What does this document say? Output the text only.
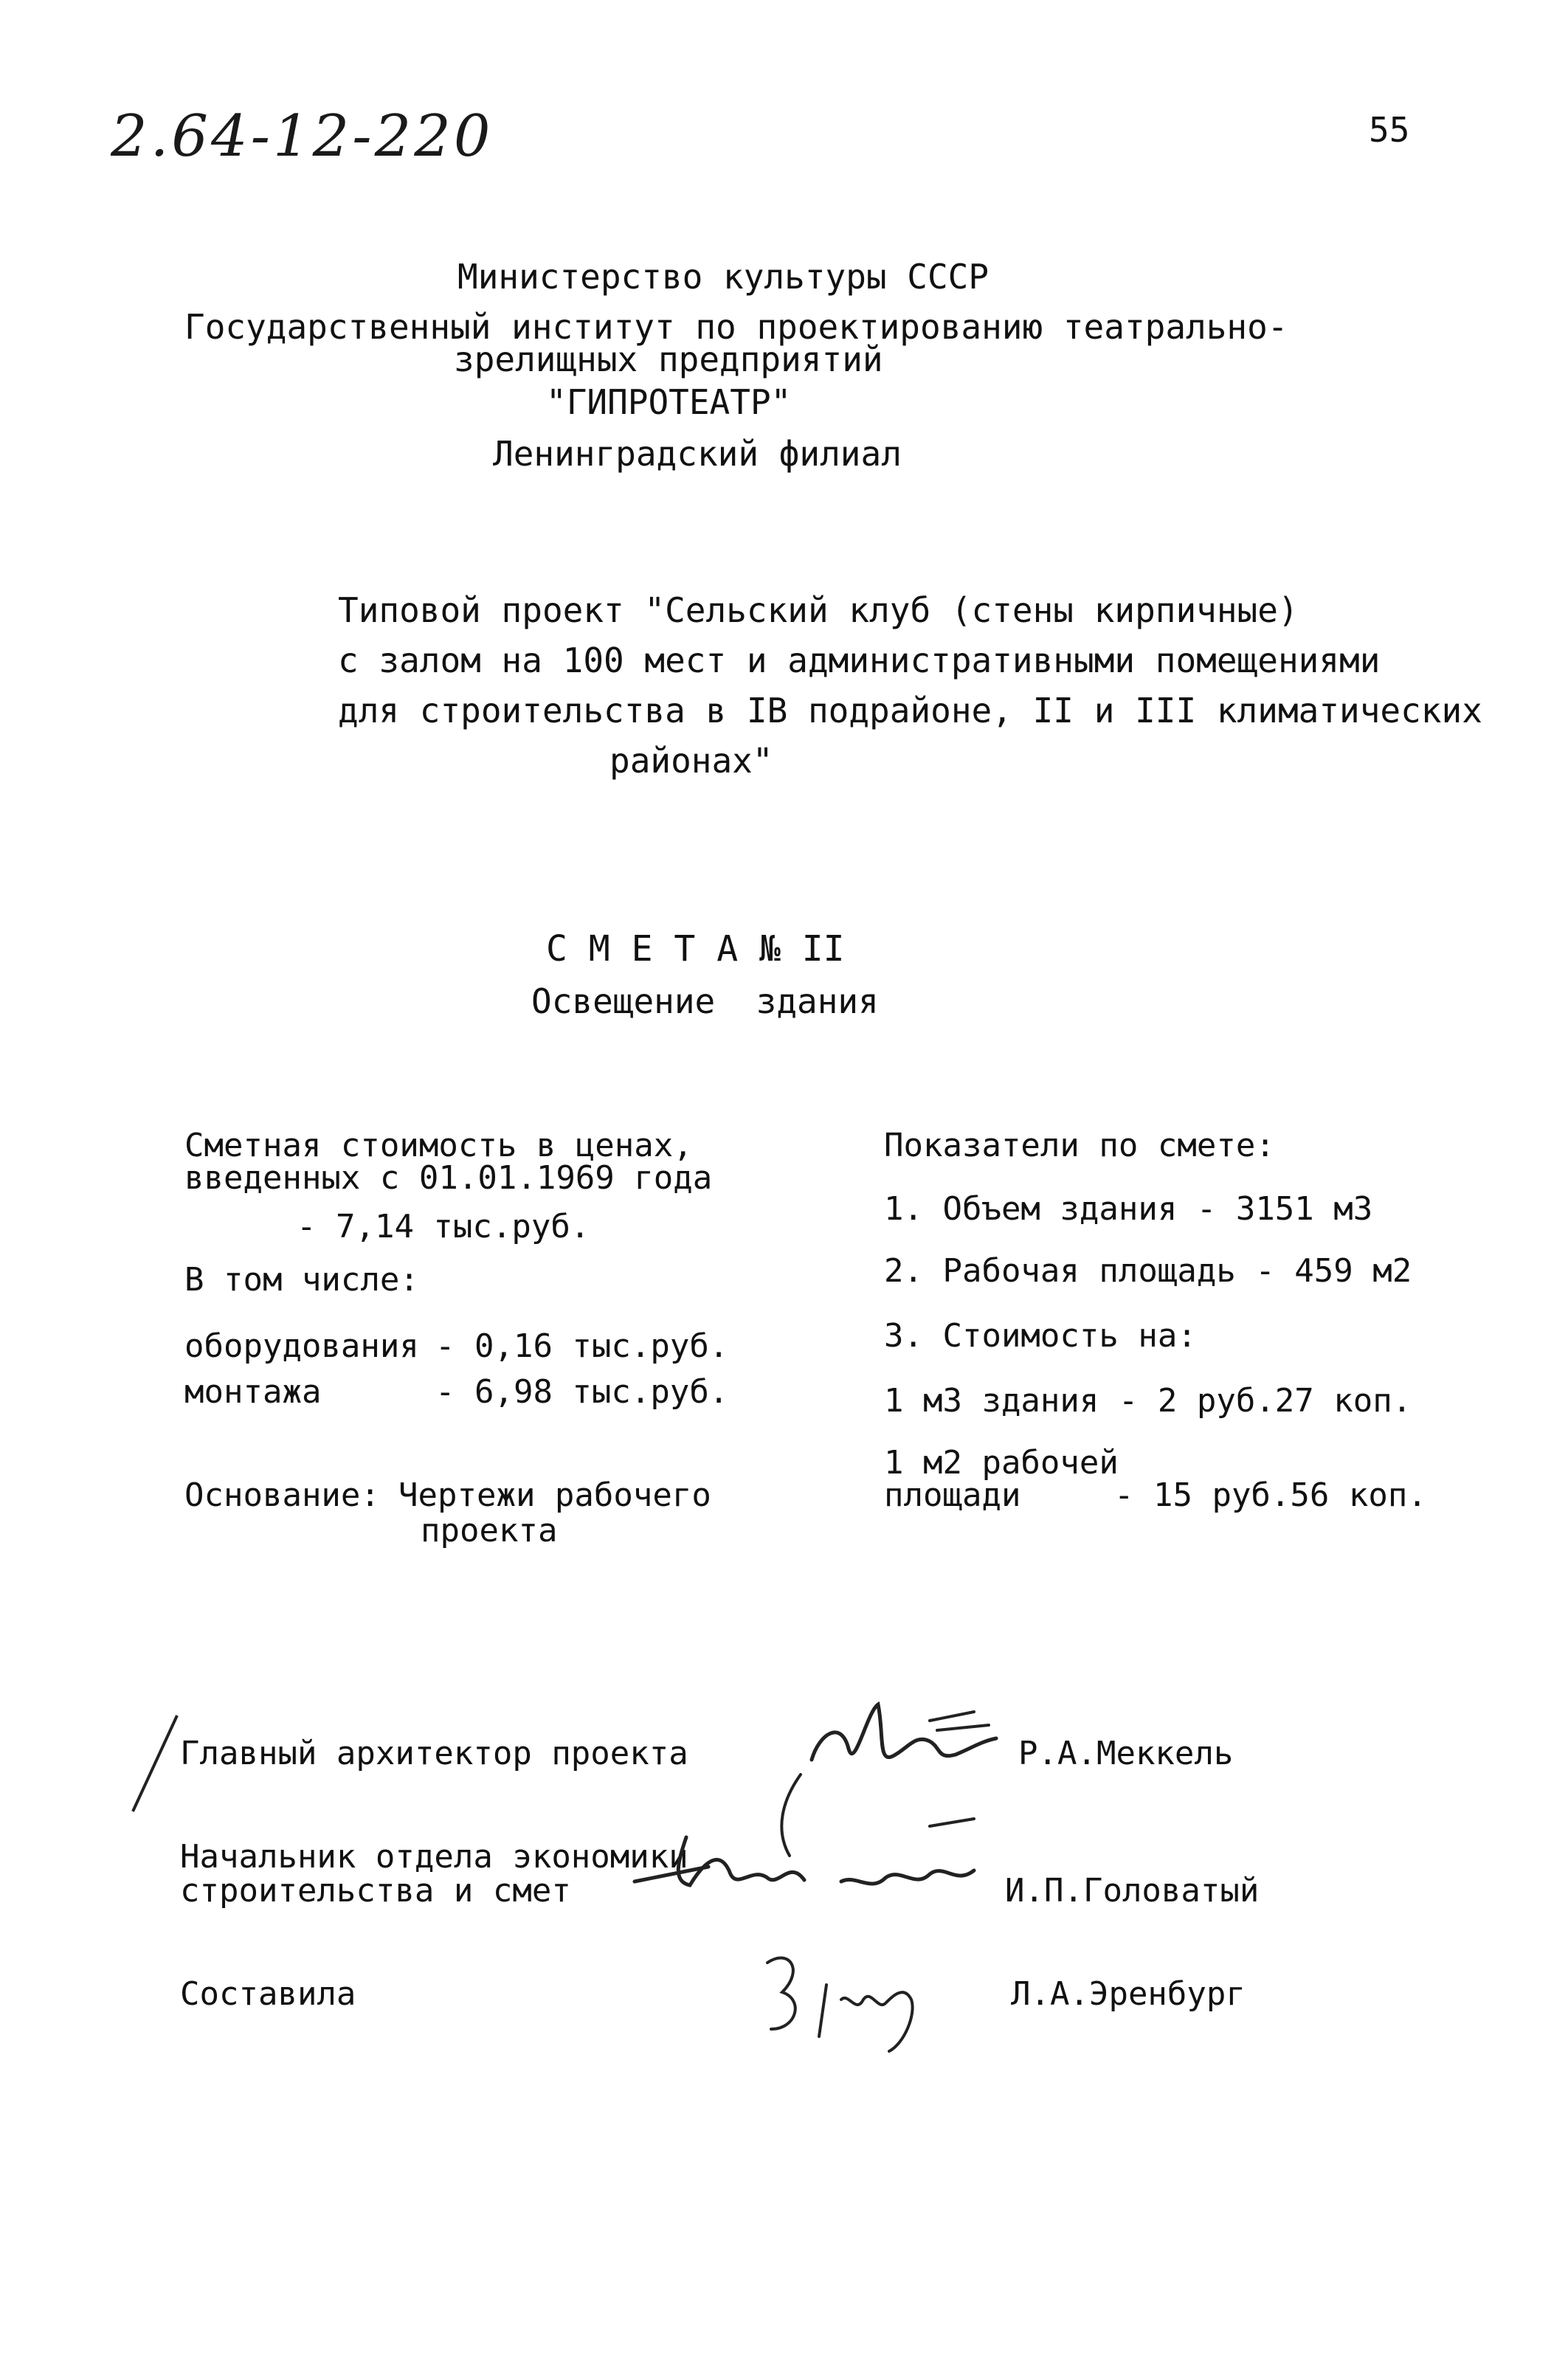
2.64-12-220	55
Министерство культуры СССР
Государственный институт по проектированию театрально-
зрелищных предприятий
"ГИПРОТЕАТР"
Ленинградский филиал
Типовой проект "Сельский клуб (стены кирпичные)
с залом на 100 мест и административными помещениями
для строительства в IB подрайоне, II и III климатических
районах"
С М Е Т А № II
Освещение  здания
Сметная стоимость в ценах,
введенных с 01.01.1969 года
- 7,14 тыс.руб.
В том числе:
оборудования - 0,16 тыс.руб.
монтажа	- 6,98 тыс.руб.
Основание: Чертежи рабочего
проекта
Показатели по смете:
1. Объем здания - 3151 м3
2. Рабочая площадь - 459 м2
3. Стоимость на:
1 м3 здания - 2 руб.27 коп.
1 м2 рабочей
площади	- 15 руб.56 коп.
Главный архитектор проекта	Р.А.Меккель
Начальник отдела экономики
строительства и смет	И.П.Головатый
Составила	Л.А.Эренбург
